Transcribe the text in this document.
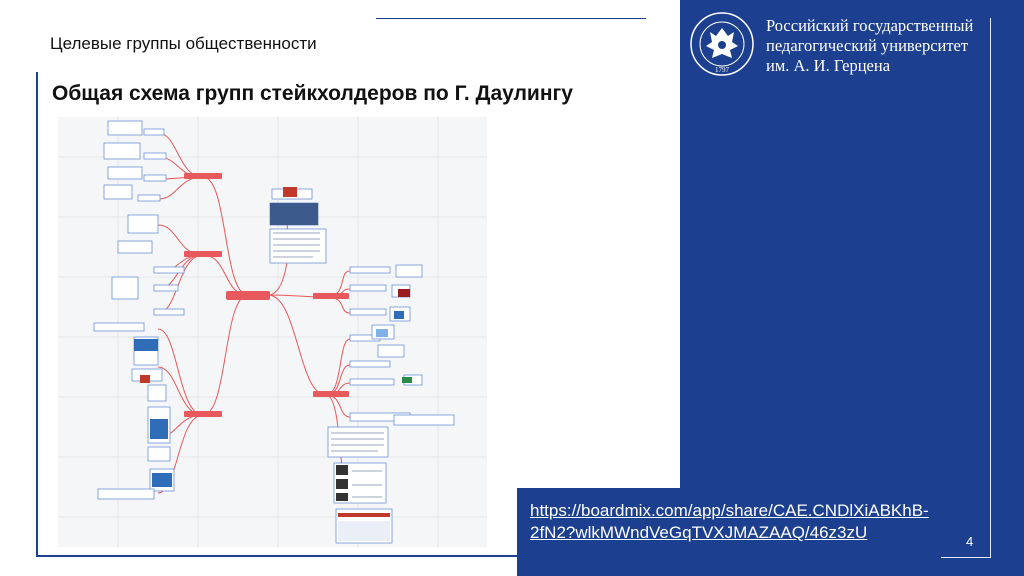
Целевые группы общественности
Общая схема групп стейкхолдеров по Г. Даулингу
1797
Российский государственный
педагогический университет
им. А. И. Герцена
4
https://boardmix.com/app/share/CAE.CNDlXiABKhB-2fN2?wlkMWndVeGqTVXJMAZAAQ/46z3zU
